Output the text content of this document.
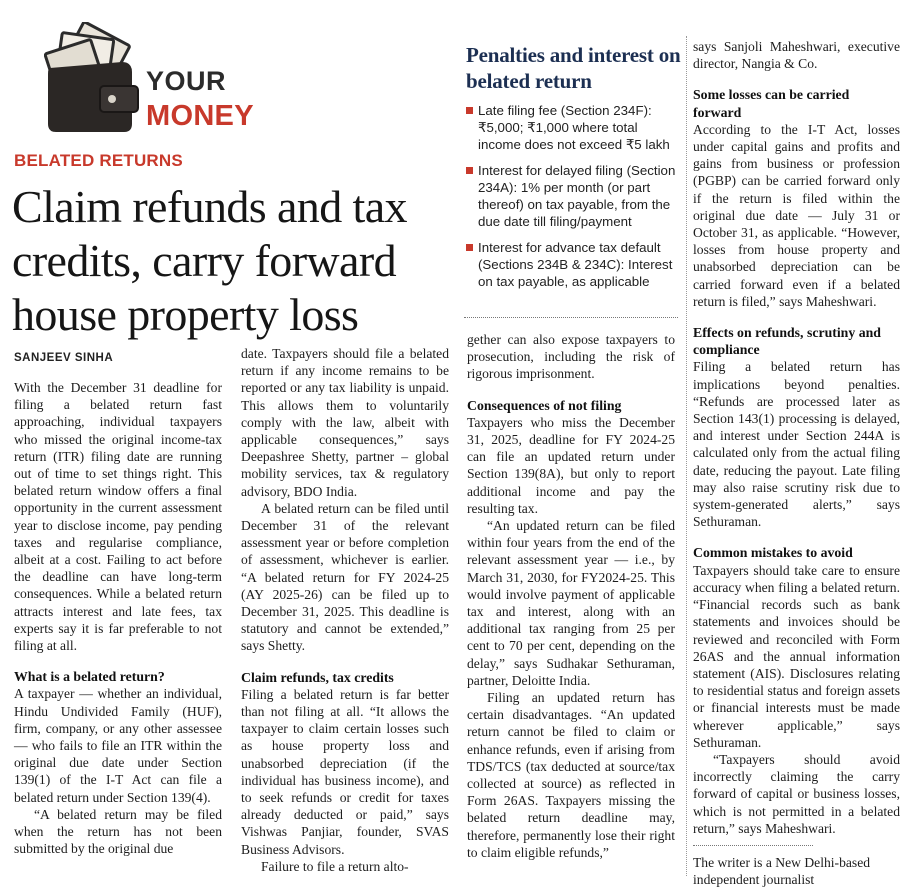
YOUR
MONEY
BELATED RETURNS
Claim refunds and tax credits, carry forward house property loss
SANJEEV SINHA
Penalties and interest on belated return
Late filing fee (Section 234F): ₹5,000; ₹1,000 where total income does not exceed ₹5 lakh
Interest for delayed filing (Section 234A): 1% per month (or part thereof) on tax payable, from the due date till filing/payment
Interest for advance tax default (Sections 234B & 234C): Interest on tax payable, as applicable

With the December 31 deadline for filing a belated return fast approaching, individual taxpayers who missed the original income-tax return (ITR) filing date are running out of time to set things right. This belated return window offers a final opportunity in the current assessment year to disclose income, pay pending taxes and regularise compliance, albeit at a cost. Failing to act before the deadline can have long-term consequences. While a belated return attracts interest and late fees, tax experts say it is far preferable to not filing at all.

What is a belated return?

A taxpayer — whether an individual, Hindu Undivided Family (HUF), firm, company, or any other assessee — who fails to file an ITR within the original due date under Section 139(1) of the I-T Act can file a belated return under Section 139(4).

“A belated return may be filed when the return has not been submitted by the original due

date. Taxpayers should file a belated return if any income remains to be reported or any tax liability is unpaid. This allows them to voluntarily comply with the law, albeit with applicable consequences,” says Deepashree Shetty, partner – global mobility services, tax & regulatory advisory, BDO India.

A belated return can be filed until December 31 of the relevant assessment year or before completion of assessment, whichever is earlier. “A belated return for FY 2024-25 (AY 2025-26) can be filed up to December 31, 2025. This deadline is statutory and cannot be extended,” says Shetty.

Claim refunds, tax credits

Filing a belated return is far better than not filing at all. “It allows the taxpayer to claim certain losses such as house property loss and unabsorbed depreciation (if the individual has business income), and to seek refunds or credit for taxes already deducted or paid,” says Vishwas Panjiar, founder, SVAS Business Advisors.

Failure to file a return alto-

gether can also expose taxpayers to prosecution, including the risk of rigorous imprisonment.

Consequences of not filing

Taxpayers who miss the December 31, 2025, deadline for FY 2024-25 can file an updated return under Section 139(8A), but only to report additional income and pay the resulting tax.

“An updated return can be filed within four years from the end of the relevant assessment year — i.e., by March 31, 2030, for FY2024-25. This would involve payment of applicable tax and interest, along with an additional tax ranging from 25 per cent to 70 per cent, depending on the delay,” says Sudhakar Sethuraman, partner, Deloitte India.

Filing an updated return has certain disadvantages. “An updated return cannot be filed to claim or enhance refunds, even if arising from TDS/TCS (tax deducted at source/tax collected at source) as reflected in Form 26AS. Taxpayers missing the belated return deadline may, therefore, permanently lose their right to claim eligible refunds,”

says Sanjoli Maheshwari, executive director, Nangia & Co.

Some losses can be carried forward

According to the I-T Act, losses under capital gains and profits and gains from business or profession (PGBP) can be carried forward only if the return is filed within the original due date — July 31 or October 31, as applicable. “However, losses from house property and unabsorbed depreciation can be carried forward even if a belated return is filed,” says Maheshwari.

Effects on refunds, scrutiny and compliance

Filing a belated return has implications beyond penalties. “Refunds are processed later as Section 143(1) processing is delayed, and interest under Section 244A is calculated only from the actual filing date, reducing the payout. Late filing may also raise scrutiny risk due to system-generated alerts,” says Sethuraman.

Common mistakes to avoid

Taxpayers should take care to ensure accuracy when filing a belated return. “Financial records such as bank statements and invoices should be reviewed and reconciled with Form 26AS and the annual information statement (AIS). Disclosures relating to residential status and foreign assets or financial interests must be made wherever applicable,” says Sethuraman.

“Taxpayers should avoid incorrectly claiming the carry forward of capital or business losses, which is not permitted in a belated return,” says Maheshwari.

The writer is a New Delhi-based independent journalist
